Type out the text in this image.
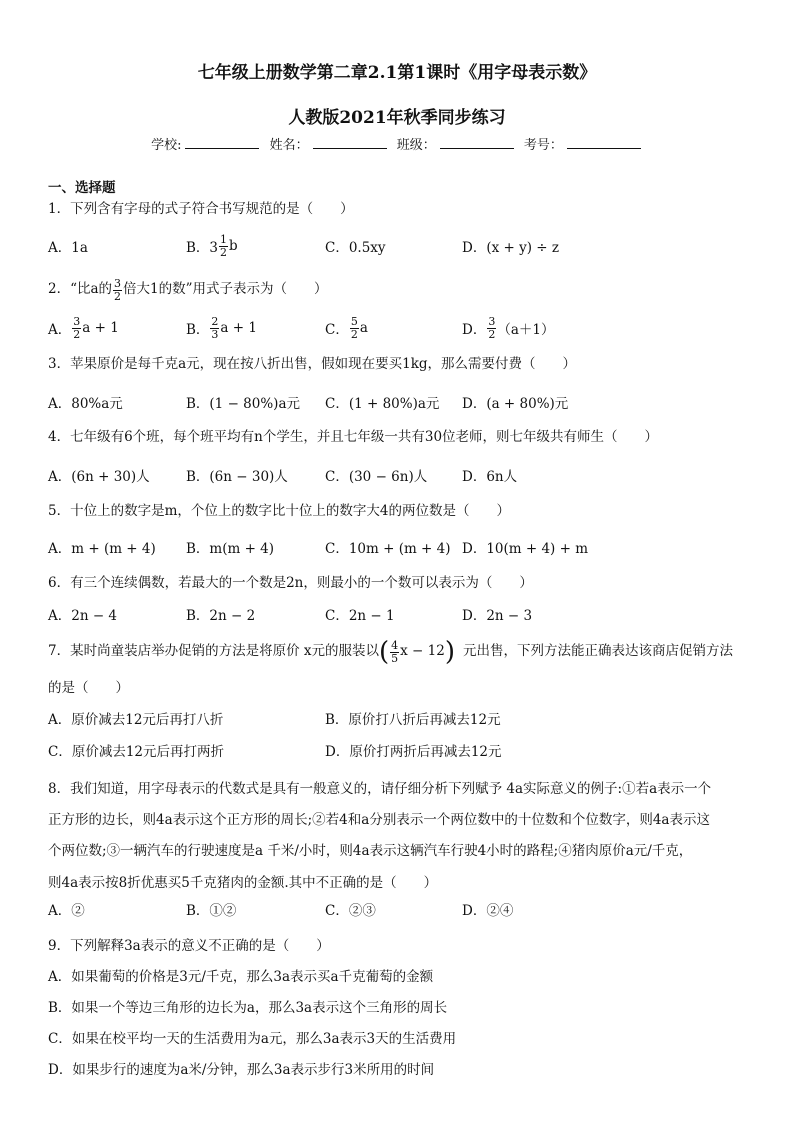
七年级上册数学第二章2.1第1课时《用字母表示数》
人教版2021年秋季同步练习
学校:	姓名：	班级：	考号：
一、选择题
1．下列含有字母的式子符合书写规范的是（　　）
A．1a	B．$3 \frac{1}{2}$ b	C．0.5xy	D．(x + y) ÷ z
2．“比a的 $\frac{3}{2}$ 倍大1的数”用式子表示为（　　）
A． $\frac{3}{2}$ a + 1	B． $\frac{2}{3}$ a + 1	C． $\frac{5}{2}$ a	D． $\frac{3}{2} (a+1)$
3．苹果原价是每千克a元，现在按八折出售，假如现在要买1kg，那么需要付费（　　）
A．80%a元	B．(1 − 80%)a元 C．(1 + 80%)a元 D．(a + 80%)元
4．七年级有6个班，每个班平均有n个学生，并且七年级一共有30位老师，则七年级共有师生（　　）
A．(6n + 30)人	B．(6n − 30)人	C．(30 − 6n)人	D．6n人
5．十位上的数字是m，个位上的数字比十位上的数字大4的两位数是（　　）
A．m + (m + 4) B．m(m + 4)	C．10m + (m + 4) D．10(m + 4) + m
6．有三个连续偶数，若最大的一个数是2n，则最小的一个数可以表示为（　　）
A．2n − 4	B．2n − 2	C．2n − 1	D．2n − 3
7．某时尚童装店举办促销的方法是将原价 x元的服装以 ( $\frac{4}{5}$ x − 12 ) 元出售，下列方法能正确表达该商店促销方法
的是（　　）
A．原价减去12元后再打八折	B．原价打八折后再减去12元
C．原价减去12元后再打两折	D．原价打两折后再减去12元
8．我们知道，用字母表示的代数式是具有一般意义的，请仔细分析下列赋予 4a实际意义的例子:①若a表示一个
正方形的边长，则4a表示这个正方形的周长;②若4和a分别表示一个两位数中的十位数和个位数字，则4a表示这
个两位数;③一辆汽车的行驶速度是a 千米/小时，则4a表示这辆汽车行驶4小时的路程;④猪肉原价a元/千克，
则4a表示按8折优惠买5千克猪肉的金额.其中不正确的是（　　）
A．②	B．①②	C．②③	D．②④
9．下列解释3a表示的意义不正确的是（　　）
A．如果葡萄的价格是3元/千克，那么3a表示买a千克葡萄的金额
B．如果一个等边三角形的边长为a，那么3a表示这个三角形的周长
C．如果在校平均一天的生活费用为a元，那么3a表示3天的生活费用
D．如果步行的速度为a米/分钟，那么3a表示步行3米所用的时间
